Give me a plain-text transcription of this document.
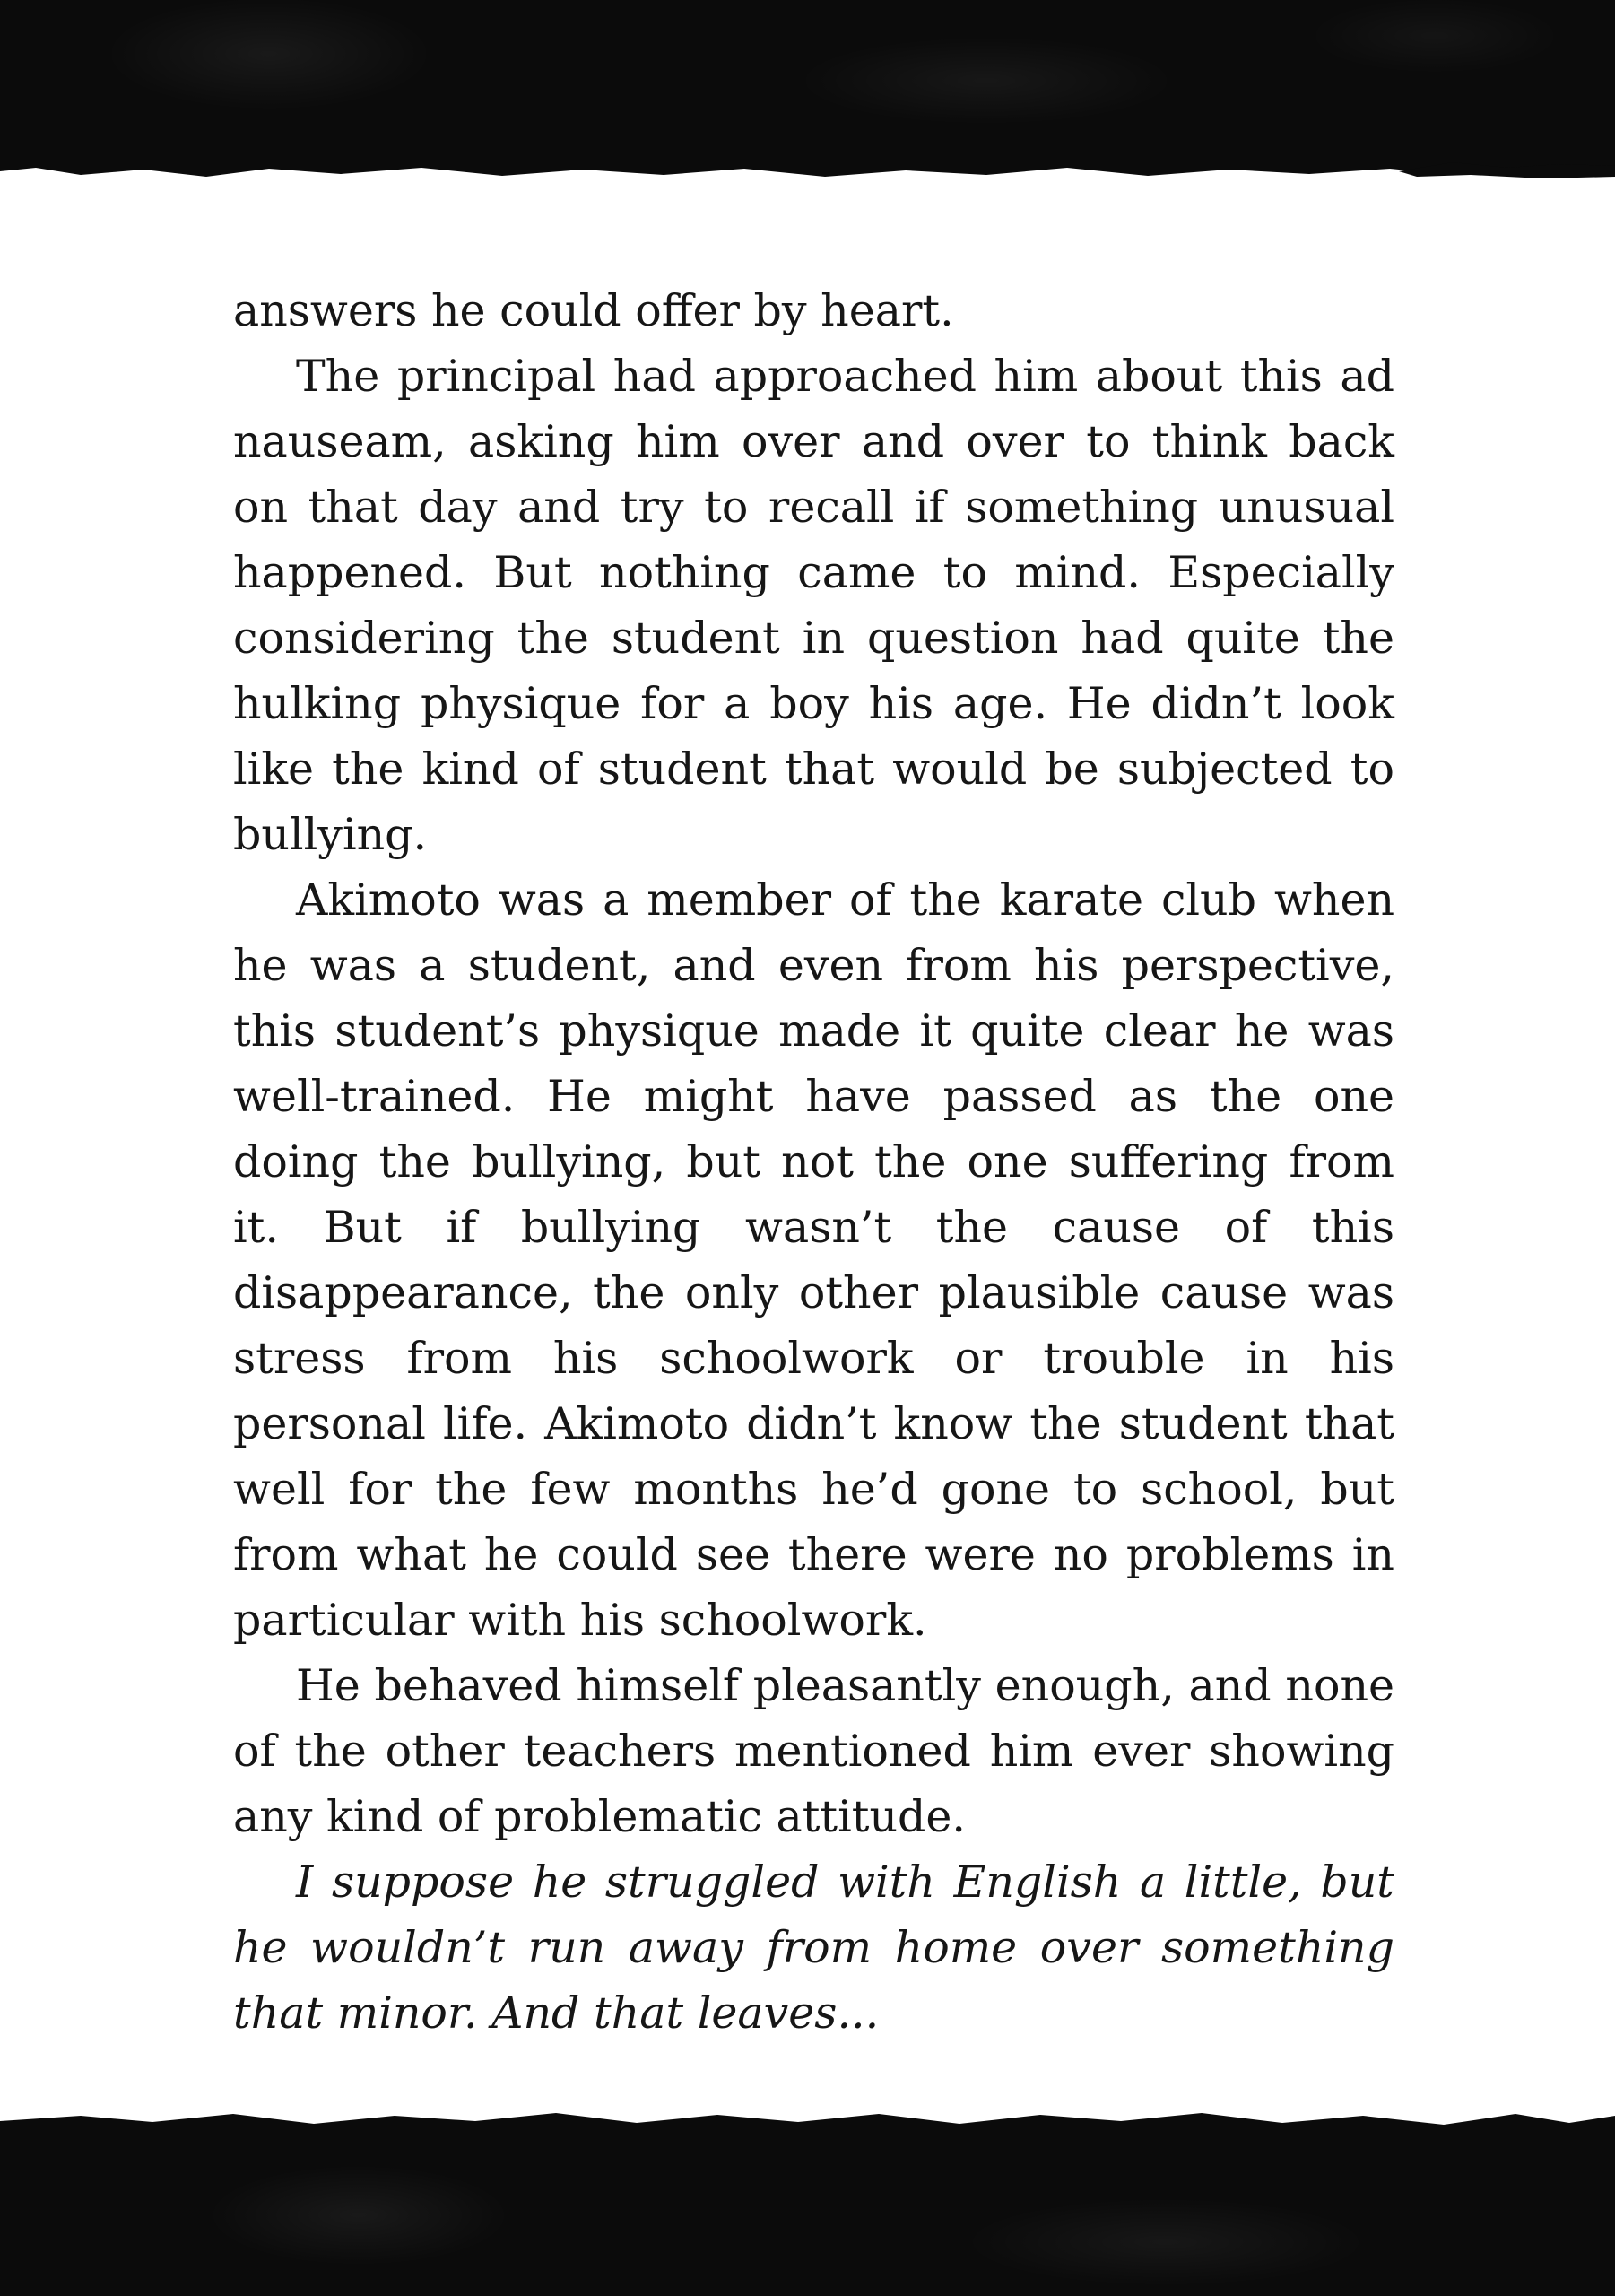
answers he could offer by heart.

The principal had approached him about this ad nauseam, asking him over and over to think back on that day and try to recall if something unusual happened. But nothing came to mind. Especially considering the student in question had quite the hulking physique for a boy his age. He didn’t look like the kind of student that would be subjected to bullying.

Akimoto was a member of the karate club when he was a student, and even from his perspective, this student’s physique made it quite clear he was well-trained. He might have passed as the one doing the bullying, but not the one suffering from it. But if bullying wasn’t the cause of this disappearance, the only other plausible cause was stress from his schoolwork or trouble in his personal life. Akimoto didn’t know the student that well for the few months he’d gone to school, but from what he could see there were no problems in particular with his schoolwork.

He behaved himself pleasantly enough, and none of the other teachers mentioned him ever showing any kind of problematic attitude.

I suppose he struggled with English a little, but he wouldn’t run away from home over something that minor. And that leaves...
